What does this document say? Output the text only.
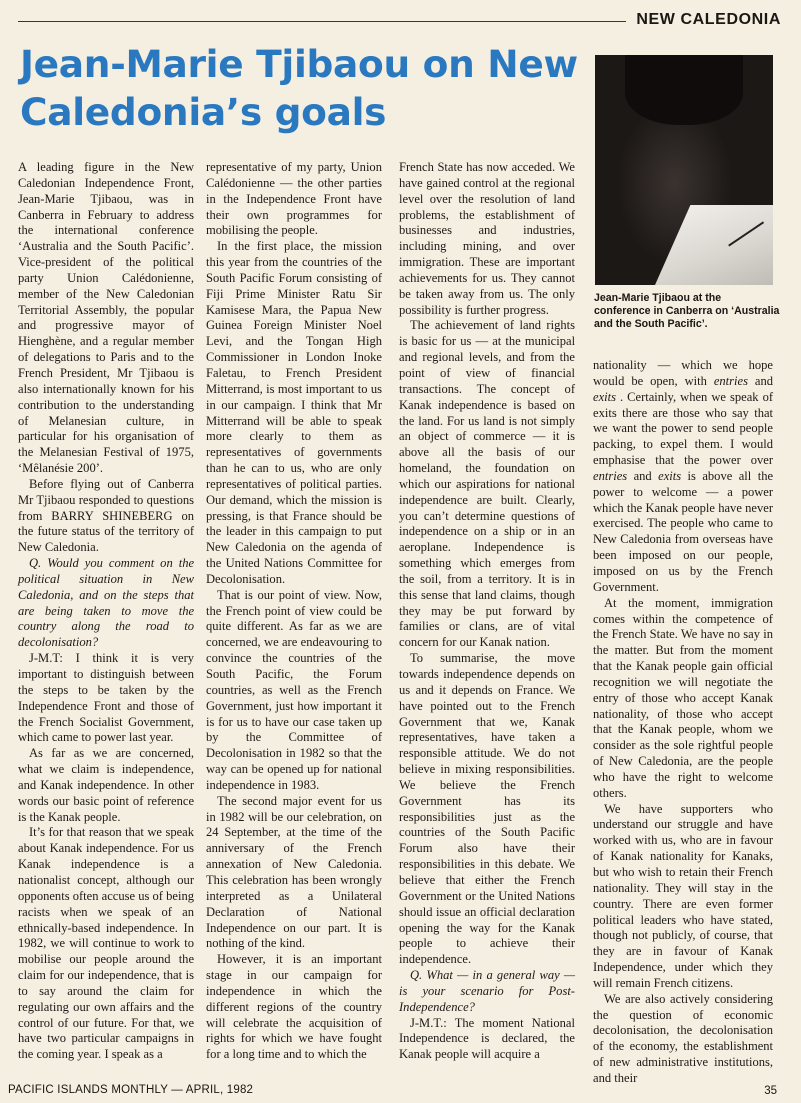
NEW CALEDONIA
Jean-Marie Tjibaou on New Caledonia’s goals

Jean-Marie Tjibaou at the conference in Canberra on ‘Australia and the South Pacific’.

A leading figure in the New Caledonian Independence Front, Jean-Marie Tjibaou, was in Canberra in February to address the international conference ‘Australia and the South Pacific’. Vice-president of the political party Union Calédonienne, member of the New Caledonian Territorial Assembly, the popular and progressive mayor of Hienghène, and a regular member of delegations to Paris and to the French President, Mr Tjibaou is also internationally known for his contribution to the understanding of Melanesian culture, in particular for his organisation of the Melanesian Festival of 1975, ‘Mêlanésie 200’.

Before flying out of Canberra Mr Tjibaou responded to questions from BARRY SHINEBERG on the future status of the territory of New Caledonia.

Q. Would you comment on the political situation in New Caledonia, and on the steps that are being taken to move the country along the road to decolonisation?

J-M.T: I think it is very important to distinguish between the steps to be taken by the Independence Front and those of the French Socialist Government, which came to power last year.

As far as we are concerned, what we claim is independence, and Kanak independence. In other words our basic point of reference is the Kanak people.

It’s for that reason that we speak about Kanak independence. For us Kanak independence is a nationalist concept, although our opponents often accuse us of being racists when we speak of an ethnically-based independence. In 1982, we will continue to work to mobilise our people around the claim for our independence, that is to say around the claim for regulating our own affairs and the control of our future. For that, we have two particular campaigns in the coming year. I speak as a

representative of my party, Union Calédonienne — the other parties in the Independence Front have their own programmes for mobilising the people.

In the first place, the mission this year from the countries of the South Pacific Forum consisting of Fiji Prime Minister Ratu Sir Kamisese Mara, the Papua New Guinea Foreign Minister Noel Levi, and the Tongan High Commissioner in London Inoke Faletau, to French President Mitterrand, is most important to us in our campaign. I think that Mr Mitterrand will be able to speak more clearly to them as representatives of governments than he can to us, who are only representatives of political parties. Our demand, which the mission is pressing, is that France should be the leader in this campaign to put New Caledonia on the agenda of the United Nations Committee for Decolonisation.

That is our point of view. Now, the French point of view could be quite different. As far as we are concerned, we are endeavouring to convince the countries of the South Pacific, the Forum countries, as well as the French Government, just how important it is for us to have our case taken up by the Committee of Decolonisation in 1982 so that the way can be opened up for national independence in 1983.

The second major event for us in 1982 will be our celebration, on 24 September, at the time of the anniversary of the French annexation of New Caledonia. This celebration has been wrongly interpreted as a Unilateral Declaration	of	National Independence on our part. It is nothing of the kind.

However, it is an important stage in our campaign for independence in which the different regions of the country will celebrate the acquisition of rights for which we have fought for a long time and to which the

French State has now acceded. We have gained control at the regional level over the resolution of land problems, the establishment of businesses and industries, including mining, and over immigration. These are important achievements for us. They cannot be taken away from us. The only possibility is further progress.

The achievement of land rights is basic for us — at the municipal and regional levels, and from the point of view of financial transactions. The concept of Kanak independence is based on the land. For us land is not simply an object of commerce — it is above all the basis of our homeland, the foundation on which our aspirations for national independence are built. Clearly, you can’t determine questions of independence on a ship or in an aeroplane. Independence is something which emerges from the soil, from a territory. It is in this sense that land claims, though they may be put forward by families or clans, are of vital concern for our Kanak nation.

To summarise, the move towards independence depends on us and it depends on France. We have pointed out to the French Government that we, Kanak representatives, have taken a responsible attitude. We do not believe in mixing responsibilities. We believe the French Government	has	its responsibilities just as the countries of the South Pacific Forum also have their responsibilities in this debate. We believe that either the French Government or the United Nations should issue an official declaration opening the way for the Kanak people to achieve their independence.

Q. What — in a general way — is your scenario for Post-Independence?

J-M.T.: The moment National Independence is declared, the Kanak people will acquire a

nationality — which we hope would be open, with entries and exits . Certainly, when we speak of exits there are those who say that we want the power to send people packing, to expel them. I would emphasise that the power over entries and exits is above all the power to welcome — a power which the Kanak people have never exercised. The people who came to New Caledonia from overseas have been imposed on our people, imposed on us by the French Government.

At the moment, immigration comes within the competence of the French State. We have no say in the matter. But from the moment that the Kanak people gain official recognition we will negotiate the entry of those who accept Kanak nationality, of those who accept that the Kanak people, whom we consider as the sole rightful people of New Caledonia, are the people who have the right to welcome others.

We have supporters who understand our struggle and have worked with us, who are in favour of Kanak nationality for Kanaks, but who wish to retain their French nationality. They will stay in the country. There are even former political leaders who have stated, though not publicly, of course, that they are in favour of Kanak Independence, under which they will remain French citizens.

We are also actively considering the question of economic decolonisation, the decolonisation of the economy, the establishment of new administrative institutions, and their

PACIFIC ISLANDS MONTHLY — APRIL, 1982	35
